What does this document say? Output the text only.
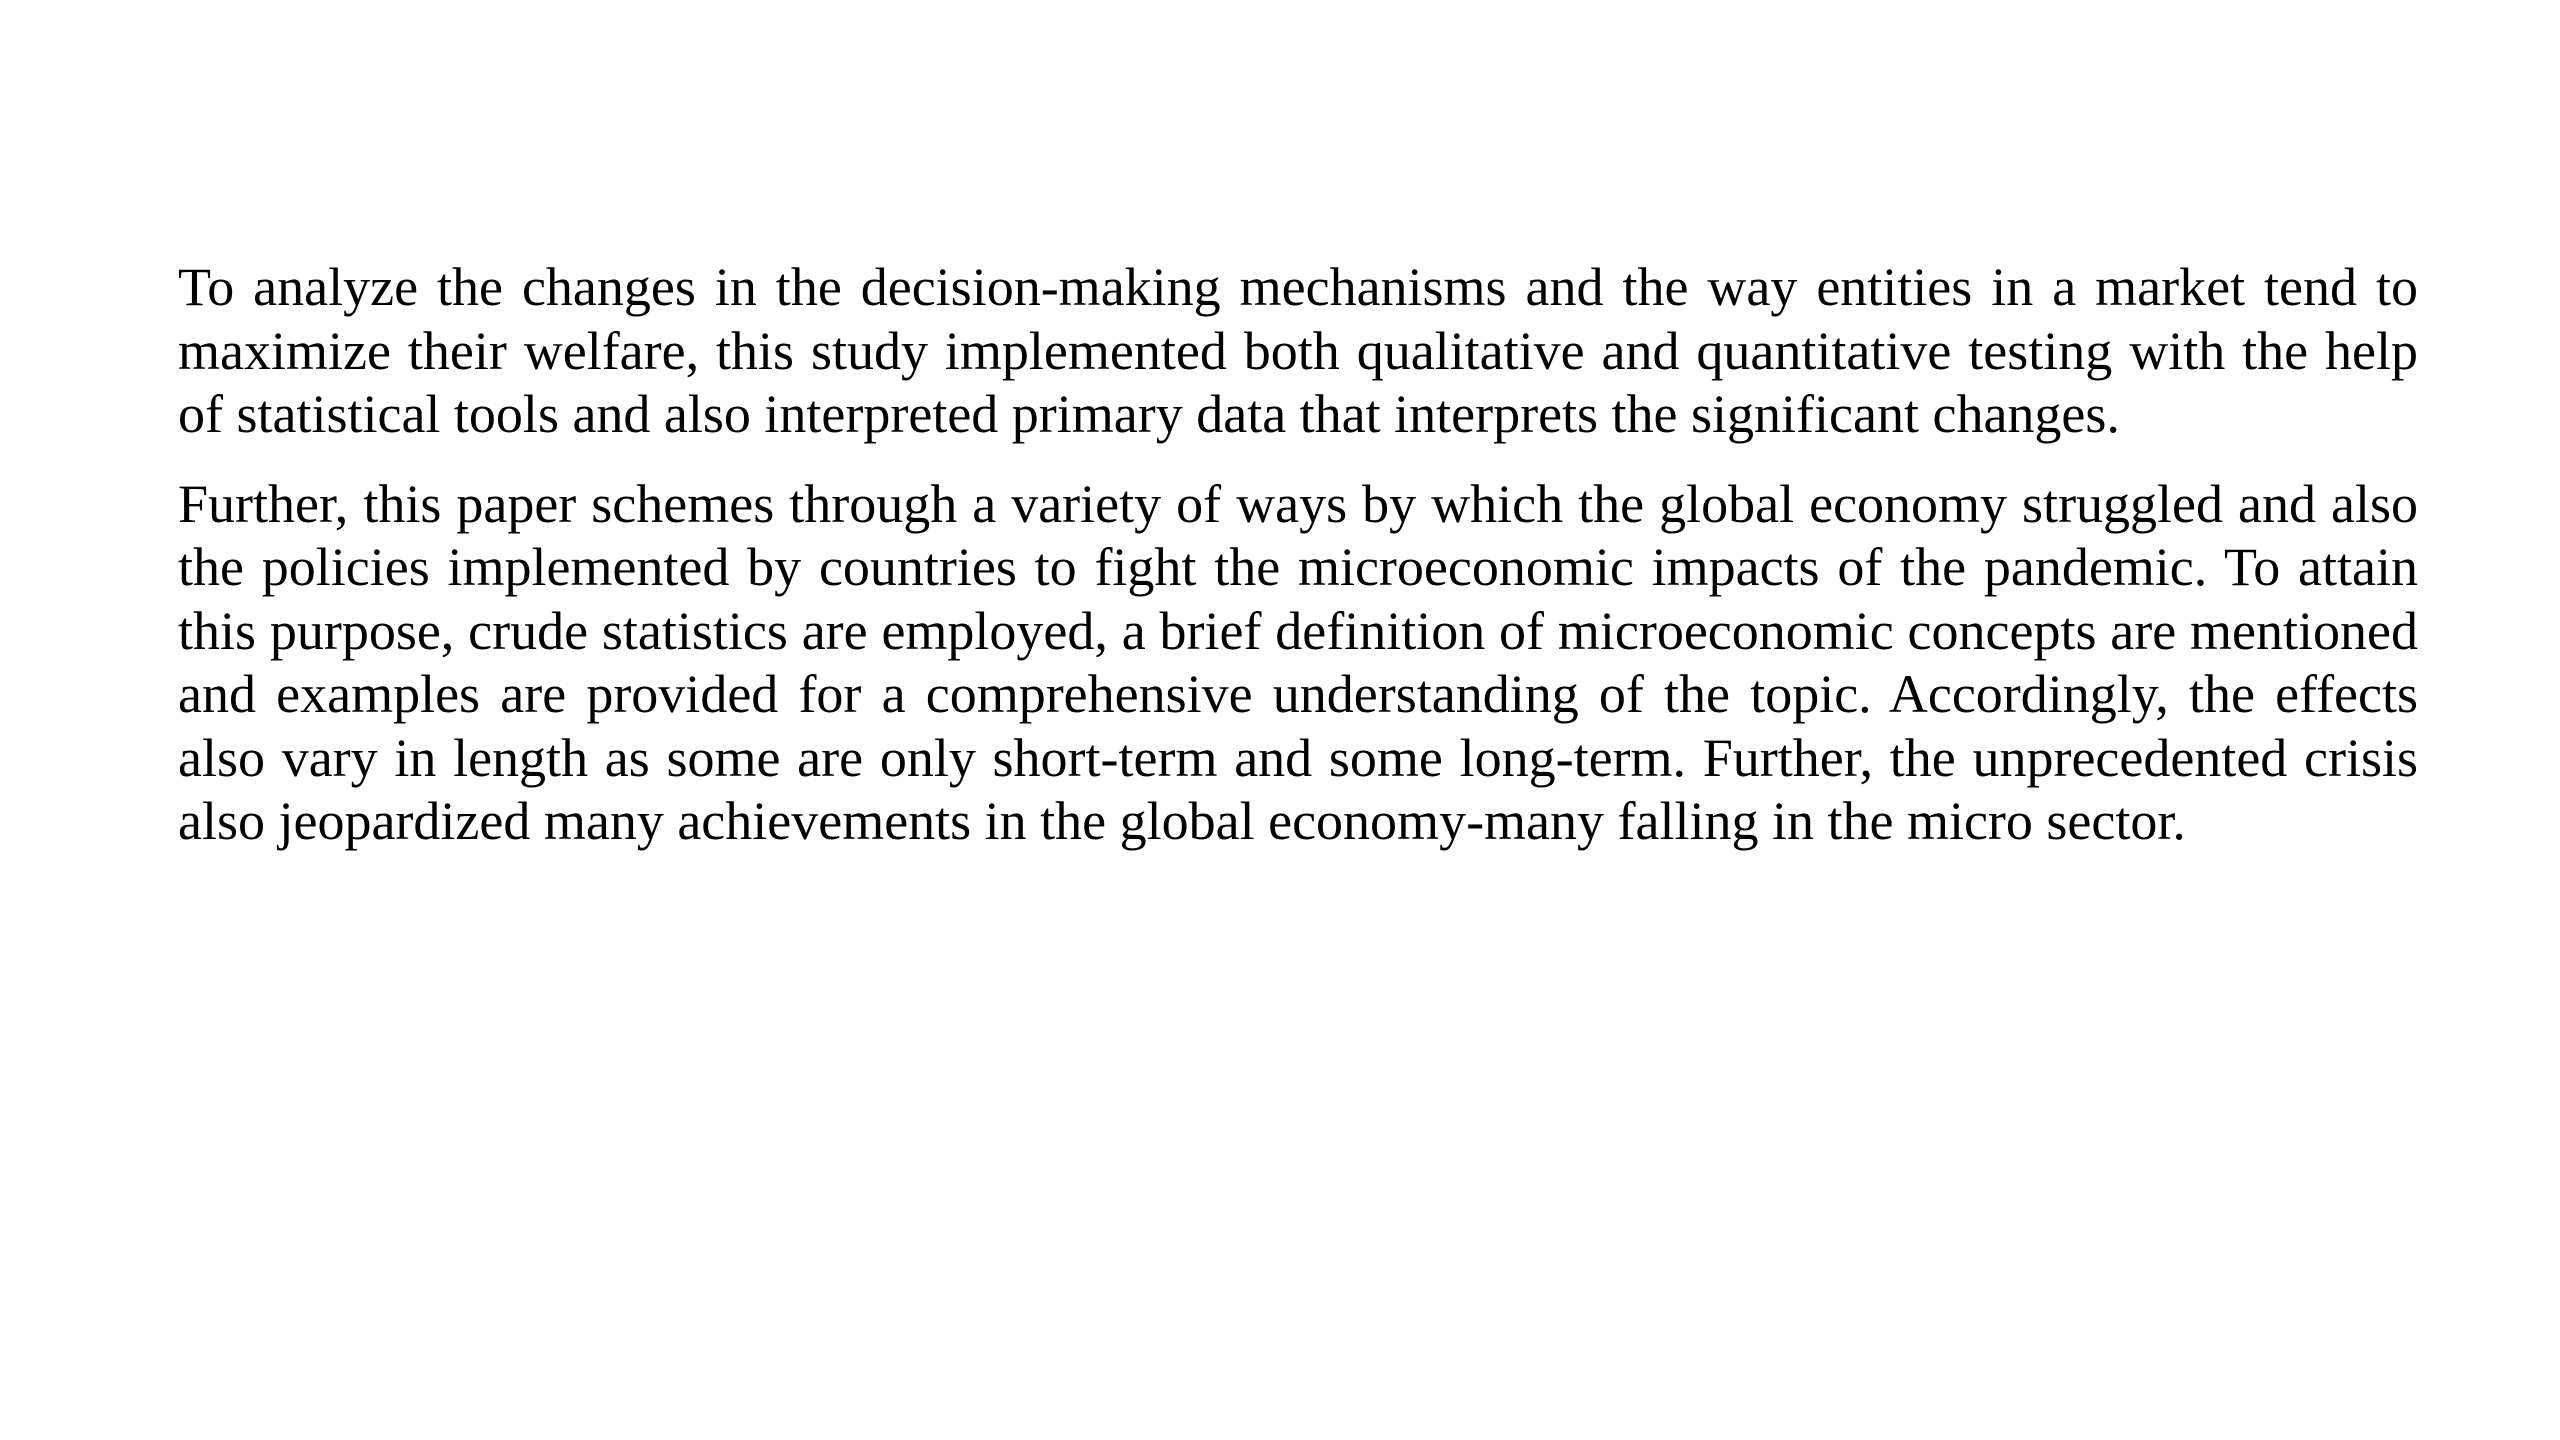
To analyze the changes in the decision-making mechanisms and the way entities in a market tend to maximize their welfare, this study implemented both qualitative and quantitative testing with the help of statistical tools and also interpreted primary data that interprets the significant changes.

Further, this paper schemes through a variety of ways by which the global economy struggled and also the policies implemented by countries to fight the microeconomic impacts of the pandemic. To attain this purpose, crude statistics are employed, a brief definition of microeconomic concepts are mentioned and examples are provided for a comprehensive understanding of the topic. Accordingly, the effects also vary in length as some are only short-term and some long-term. Further, the unprecedented crisis also jeopardized many achievements in the global economy-many falling in the micro sector.
